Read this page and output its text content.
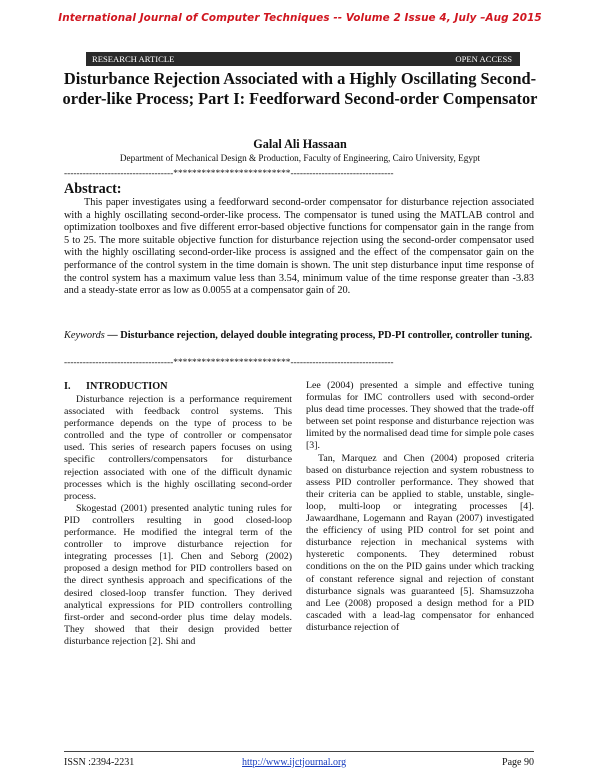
International Journal of Computer Techniques -- Volume 2 Issue 4, July –Aug 2015
RESEARCH ARTICLE	OPEN ACCESS
Disturbance Rejection Associated with a Highly Oscillating Second-order-like Process; Part I: Feedforward Second-order Compensator
Galal Ali Hassaan
Department of Mechanical Design & Production, Faculty of Engineering, Cairo University, Egypt
-----------------------------------*************************---------------------------------
Abstract:

This paper investigates using a feedforward second-order compensator for disturbance rejection associated with a highly oscillating second-order-like process. The compensator is tuned using the MATLAB control and optimization toolboxes and five different error-based objective functions for compensator gain in the range from 5 to 25. The more suitable objective function for disturbance rejection using the second-order compensator used with the highly oscillating second-order-like process is assigned and the effect of the compensator gain on the performance of the control system in the time domain is shown. The unit step disturbance input time response of the control system has a maximum value less than 3.54, minimum value of the time response greater than -3.83 and a steady-state error as low as 0.0055 at a compensator gain of 20.

Keywords — Disturbance rejection, delayed double integrating process, PD-PI controller, controller tuning.

-----------------------------------*************************---------------------------------
I. INTRODUCTION

Disturbance rejection is a performance requirement associated with feedback control systems. This performance depends on the type of process to be controlled and the type of controller or compensator used. This series of research papers focuses on using specific controllers/compensators for disturbance rejection associated with one of the difficult dynamic processes which is the highly oscillating second-order process.

Skogestad (2001) presented analytic tuning rules for PID controllers resulting in good closed-loop performance. He modified the integral term of the controller to improve disturbance rejection for integrating processes [1]. Chen and Seborg (2002) proposed a design method for PID controllers based on the direct synthesis approach and specifications of the desired closed-loop transfer function. They derived analytical expressions for PID controllers controlling first-order and second-order plus time delay models. They showed that their design provided better disturbance rejection [2]. Shi and

Lee (2004) presented a simple and effective tuning formulas for IMC controllers used with second-order plus dead time processes. They showed that the trade-off between set point response and disturbance rejection was limited by the normalised dead time for simple pole cases [3].

Tan, Marquez and Chen (2004) proposed criteria based on disturbance rejection and system robustness to assess PID controller performance. They showed that their criteria can be applied to stable, unstable, single-loop, multi-loop or integrating processes [4]. Jawaardhane, Logemann and Rayan (2007) investigated the efficiency of using PID control for set point and disturbance rejection in mechanical systems with hysteretic components. They determined robust conditions on the on the PID gains under which tracking of constant reference signal and rejection of constant disturbance signals was guaranteed [5]. Shamsuzzoha and Lee (2008) proposed a design method for a PID cascaded with a lead-lag compensator for enhanced disturbance rejection of

ISSN :2394-2231	http://www.ijctjournal.org	Page 90
